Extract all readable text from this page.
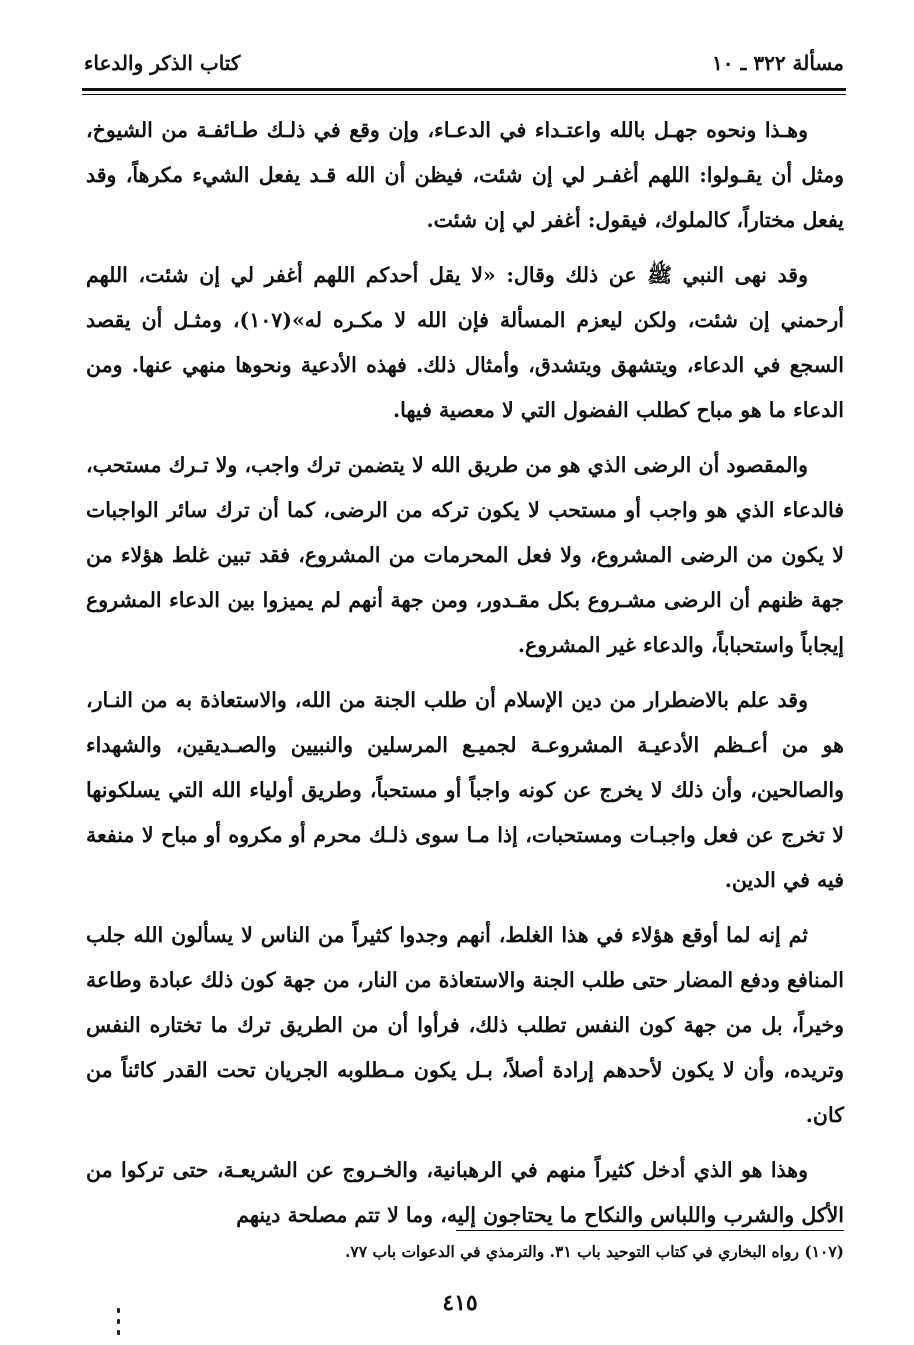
مسألة ٣٢٢ ـ ١٠
كتاب الذكر والدعاء

وهـذا ونحوه جهـل بالله واعتـداء في الدعـاء، وإن وقع في ذلـك طـائفـة من الشيوخ، ومثل أن يقـولوا: اللهم أغفـر لي إن شئت، فيظن أن الله قـد يفعل الشيء مكرهاً، وقد يفعل مختاراً، كالملوك، فيقول: أغفر لي إن شئت.

وقد نهى النبي ﷺ عن ذلك وقال: «لا يقل أحدكم اللهم أغفر لي إن شئت، اللهم أرحمني إن شئت، ولكن ليعزم المسألة فإن الله لا مكـره له»(١٠٧)، ومثـل أن يقصد السجع في الدعاء، ويتشهق ويتشدق، وأمثال ذلك. فهذه الأدعية ونحوها منهي عنها. ومن الدعاء ما هو مباح كطلب الفضول التي لا معصية فيها.

والمقصود أن الرضى الذي هو من طريق الله لا يتضمن ترك واجب، ولا تـرك مستحب، فالدعاء الذي هو واجب أو مستحب لا يكون تركه من الرضى، كما أن ترك سائر الواجبات لا يكون من الرضى المشروع، ولا فعل المحرمات من المشروع، فقد تبين غلط هؤلاء من جهة ظنهم أن الرضى مشـروع بكل مقـدور، ومن جهة أنهم لم يميزوا بين الدعاء المشروع إيجاباً واستحباباً، والدعاء غير المشروع.

وقد علم بالاضطرار من دين الإسلام أن طلب الجنة من الله، والاستعاذة به من النـار، هو من أعـظم الأدعيـة المشروعـة لجميـع المرسلين والنبيين والصـديقين، والشهداء والصالحين، وأن ذلك لا يخرج عن كونه واجباً أو مستحباً، وطريق أولياء الله التي يسلكونها لا تخرج عن فعل واجبـات ومستحبات، إذا مـا سوى ذلـك محرم أو مكروه أو مباح لا منفعة فيه في الدين.

ثم إنه لما أوقع هؤلاء في هذا الغلط، أنهم وجدوا كثيراً من الناس لا يسألون الله جلب المنافع ودفع المضار حتى طلب الجنة والاستعاذة من النار، من جهة كون ذلك عبادة وطاعة وخيراً، بل من جهة كون النفس تطلب ذلك، فرأوا أن من الطريق ترك ما تختاره النفس وتريده، وأن لا يكون لأحدهم إرادة أصلاً، بـل يكون مـطلوبه الجريان تحت القدر كائناً من كان.

وهذا هو الذي أدخل كثيراً منهم في الرهبانية، والخـروج عن الشريعـة، حتى تركوا من الأكل والشرب واللباس والنكاح ما يحتاجون إليه، وما لا تتم مصلحة دينهم

(١٠٧) رواه البخاري في كتاب التوحيد باب ٣١. والترمذي في الدعوات باب ٧٧.
٤١٥
